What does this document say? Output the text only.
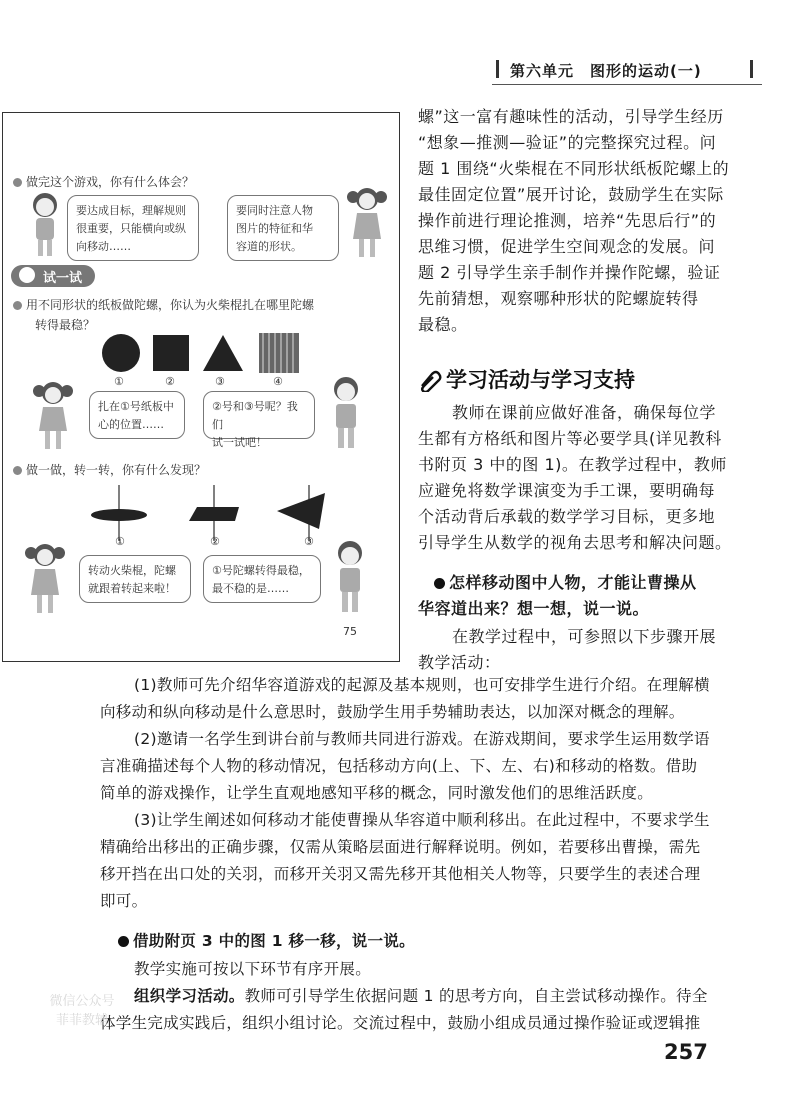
第六单元　图形的运动(一)
做完这个游戏，你有什么体会？
要达成目标，理解规则
很重要，只能横向或纵
向移动……
要同时注意人物
图片的特征和华
容道的形状。
试一试
用不同形状的纸板做陀螺，你认为火柴棍扎在哪里陀螺
转得最稳？
①	②	③	④
扎在①号纸板中
心的位置……
②号和③号呢？我们
试一试吧！
做一做，转一转，你有什么发现？
①	②	③
转动火柴棍，陀螺
就跟着转起来啦！
①号陀螺转得最稳，
最不稳的是……
75
螺”这一富有趣味性的活动，引导学生经历
“想象—推测—验证”的完整探究过程。问
题 1 围绕“火柴棍在不同形状纸板陀螺上的
最佳固定位置”展开讨论，鼓励学生在实际
操作前进行理论推测，培养“先思后行”的
思维习惯，促进学生空间观念的发展。问
题 2 引导学生亲手制作并操作陀螺，验证
先前猜想，观察哪种形状的陀螺旋转得
最稳。
学习活动与学习支持
教师在课前应做好准备，确保每位学
生都有方格纸和图片等必要学具(详见教科
书附页 3 中的图 1)。在教学过程中，教师
应避免将数学课演变为手工课，要明确每
个活动背后承载的数学学习目标，更多地
引导学生从数学的视角去思考和解决问题。
怎样移动图中人物，才能让曹操从
华容道出来？想一想，说一说。
在教学过程中，可参照以下步骤开展
教学活动：
(1)教师可先介绍华容道游戏的起源及基本规则，也可安排学生进行介绍。在理解横
向移动和纵向移动是什么意思时，鼓励学生用手势辅助表达，以加深对概念的理解。
(2)邀请一名学生到讲台前与教师共同进行游戏。在游戏期间，要求学生运用数学语
言准确描述每个人物的移动情况，包括移动方向(上、下、左、右)和移动的格数。借助
简单的游戏操作，让学生直观地感知平移的概念，同时激发他们的思维活跃度。
(3)让学生阐述如何移动才能使曹操从华容道中顺利移出。在此过程中，不要求学生
精确给出移出的正确步骤，仅需从策略层面进行解释说明。例如，若要移出曹操，需先
移开挡在出口处的关羽，而移开关羽又需先移开其他相关人物等，只要学生的表述合理
即可。
借助附页 3 中的图 1 移一移，说一说。
教学实施可按以下环节有序开展。
组织学习活动。教师可引导学生依据问题 1 的思考方向，自主尝试移动操作。待全
体学生完成实践后，组织小组讨论。交流过程中，鼓励小组成员通过操作验证或逻辑推
微信公众号
菲菲教辅
257
